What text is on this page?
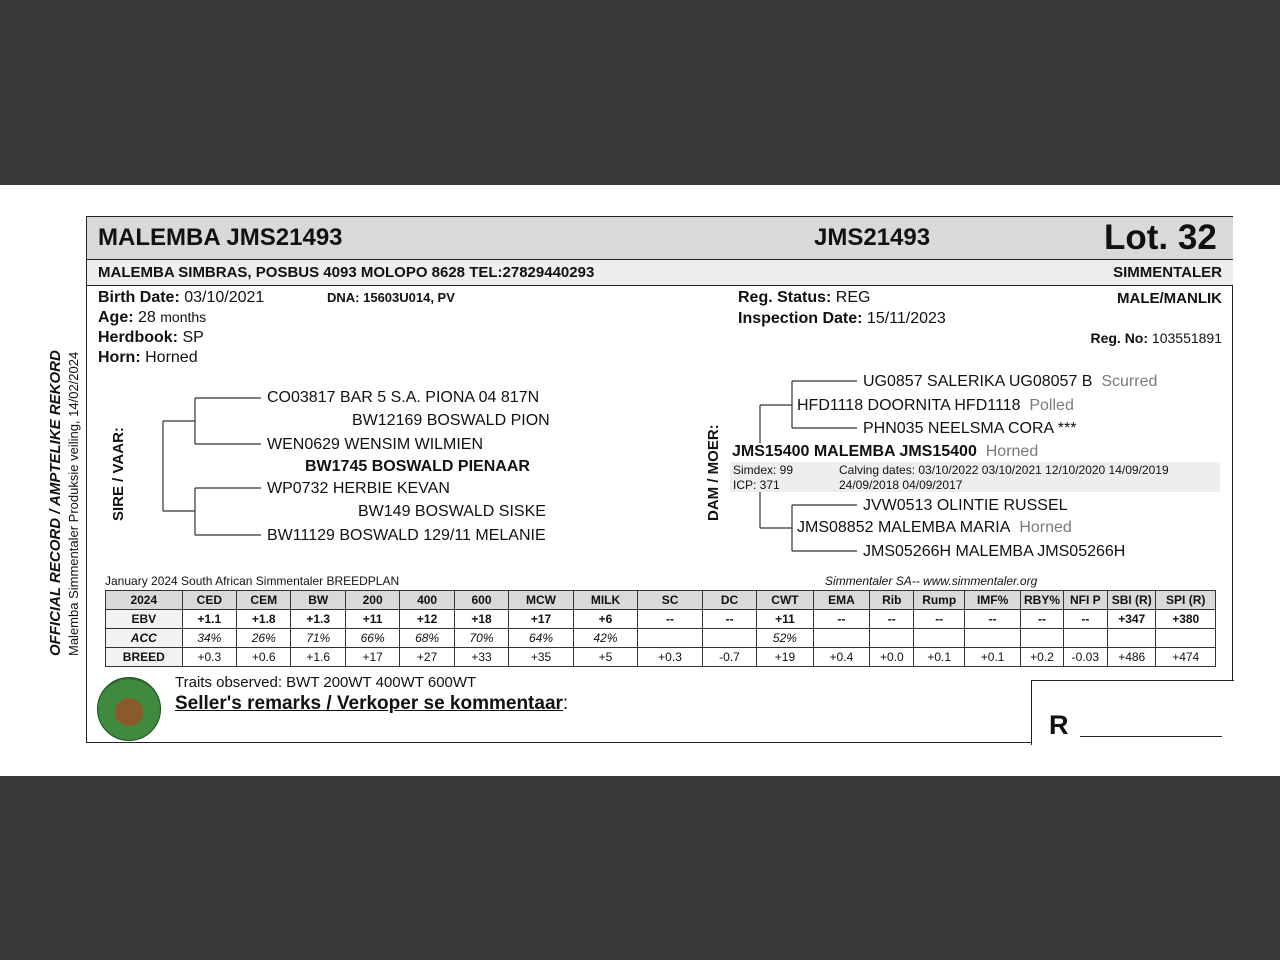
MALEMBA JMS21493	JMS21493	Lot. 32
MALEMBA SIMBRAS, POSBUS 4093 MOLOPO 8628 TEL:27829440293	SIMMENTALER
Birth Date: 03/10/2021	DNA: 15603U014, PV
Age: 28 months
Herdbook: SP
Horn: Horned
Reg. Status: REG
Inspection Date: 15/11/2023
MALE/MANLIK
Reg. No: 103551891
OFFICIAL RECORD / AMPTELIKE REKORD Malemba Simmentaler Produksie veiling, 14/02/2024 SIRE / VAAR:	DAM / MOER:
CO03817 BAR 5 S.A. PIONA 04 817N
BW12169 BOSWALD PION
WEN0629 WENSIM WILMIEN
BW1745 BOSWALD PIENAAR
WP0732 HERBIE KEVAN
BW149 BOSWALD SISKE
BW11129 BOSWALD 129/11 MELANIE
UG0857 SALERIKA UG08057 B Scurred
HFD1118 DOORNITA HFD1118 Polled
PHN035 NEELSMA CORA ***
JMS15400 MALEMBA JMS15400 Horned
Simdex: 99
ICP: 371
Calving dates: 03/10/2022 03/10/2021 12/10/2020 14/09/2019
24/09/2018 04/09/2017
JVW0513 OLINTIE RUSSEL
JMS08852 MALEMBA MARIA Horned
JMS05266H MALEMBA JMS05266H
January 2024 South African Simmentaler BREEDPLAN	Simmentaler SA-- www.simmentaler.org
2024	CED	CEM	BW	200	400	600	MCW	MILK	SC	DC	CWT	EMA	Rib	Rump	IMF%	RBY%	NFI P	SBI (R)	SPI (R)
EBV	+1.1	+1.8	+1.3	+11	+12	+18	+17	+6	--	--	+11	--	--	--	--	--	--	+347	+380
ACC	34%	26%	71%	66%	68%	70%	64%	42%			52%								
BREED	+0.3	+0.6	+1.6	+17	+27	+33	+35	+5	+0.3	-0.7	+19	+0.4	+0.0	+0.1	+0.1	+0.2	-0.03	+486	+474
Traits observed: BWT 200WT 400WT 600WT
Seller's remarks / Verkoper se kommentaar:
R
